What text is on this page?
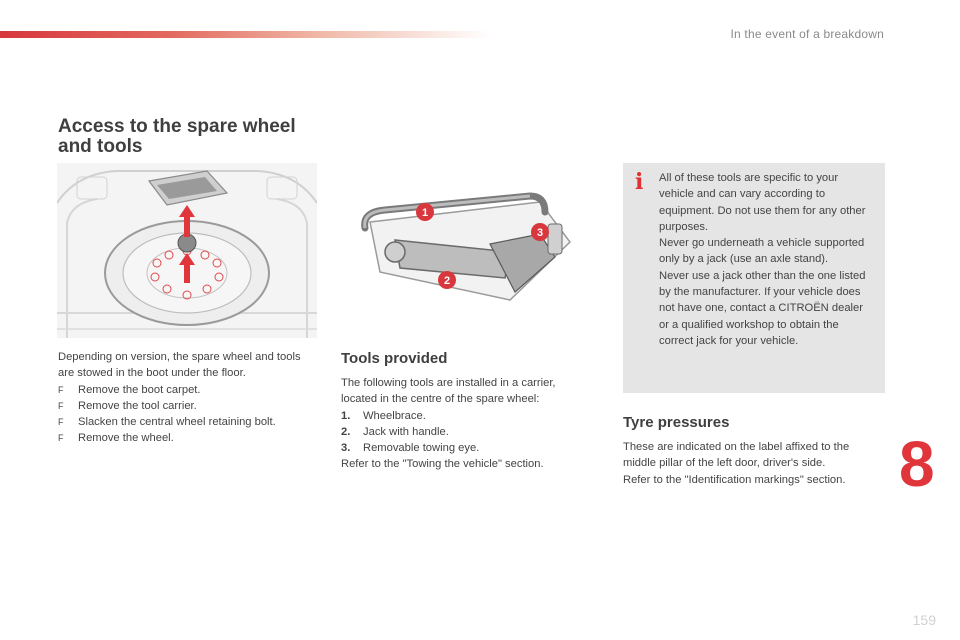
In the event of a breakdown
Access to the spare wheel and tools
1
2
3

Depending on version, the spare wheel and tools are stowed in the boot under the floor.

F	Remove the boot carpet.
F	Remove the tool carrier.
F	Slacken the central wheel retaining bolt.
F	Remove the wheel.
Tools provided

The following tools are installed in a carrier, located in the centre of the spare wheel:

1.	Wheelbrace.
2.	Jack with handle.
3.	Removable towing eye.

Refer to the "Towing the vehicle" section.

i	All of these tools are specific to your vehicle and can vary according to equipment. Do not use them for any other purposes.

Never go underneath a vehicle supported only by a jack (use an axle stand).

Never use a jack other than the one listed by the manufacturer. If your vehicle does not have one, contact a CITROËN dealer or a qualified workshop to obtain the correct jack for your vehicle.

Tyre pressures

These are indicated on the label affixed to the middle pillar of the left door, driver's side.

Refer to the "Identification markings" section. 8
159
